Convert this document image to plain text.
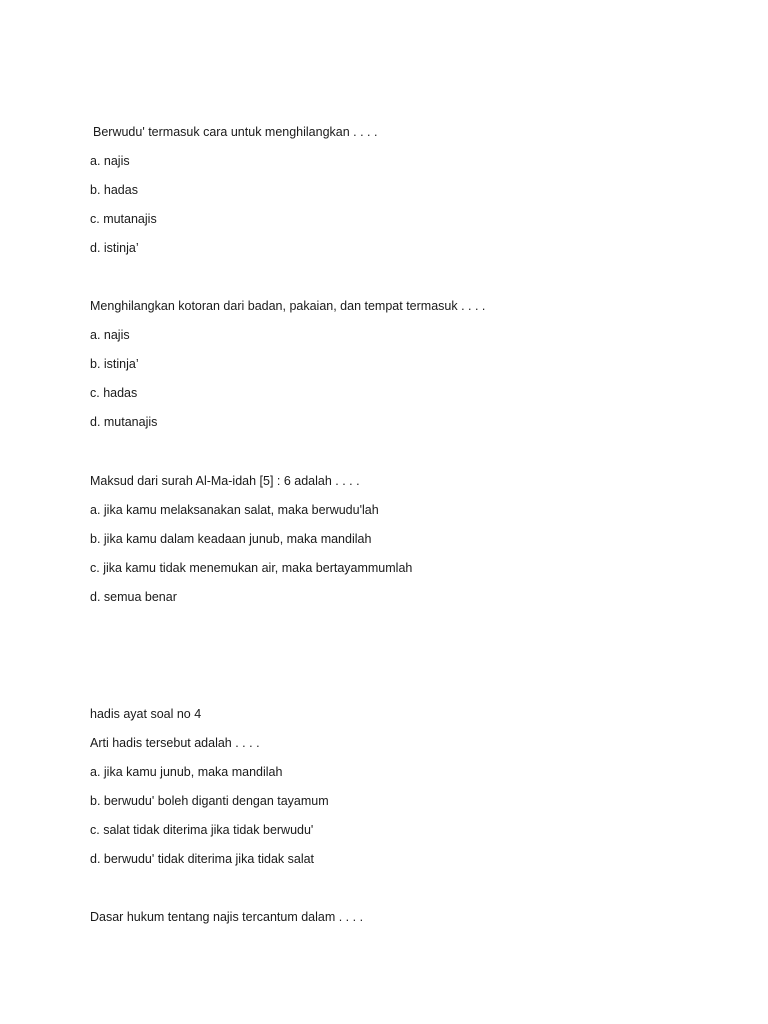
Berwudu' termasuk cara untuk menghilangkan . . . .
a. najis
b. hadas
c. mutanajis
d. istinja’
Menghilangkan kotoran dari badan, pakaian, dan tempat termasuk . . . .
a. najis
b. istinja’
c. hadas
d. mutanajis
Maksud dari surah Al-Ma-idah [5] : 6 adalah . . . .
a. jika kamu melaksanakan salat, maka berwudu'lah
b. jika kamu dalam keadaan junub, maka mandilah
c. jika kamu tidak menemukan air, maka bertayammumlah
d. semua benar
hadis ayat soal no 4
Arti hadis tersebut adalah . . . .
a. jika kamu junub, maka mandilah
b. berwudu' boleh diganti dengan tayamum
c. salat tidak diterima jika tidak berwudu'
d. berwudu' tidak diterima jika tidak salat
Dasar hukum tentang najis tercantum dalam . . . .
